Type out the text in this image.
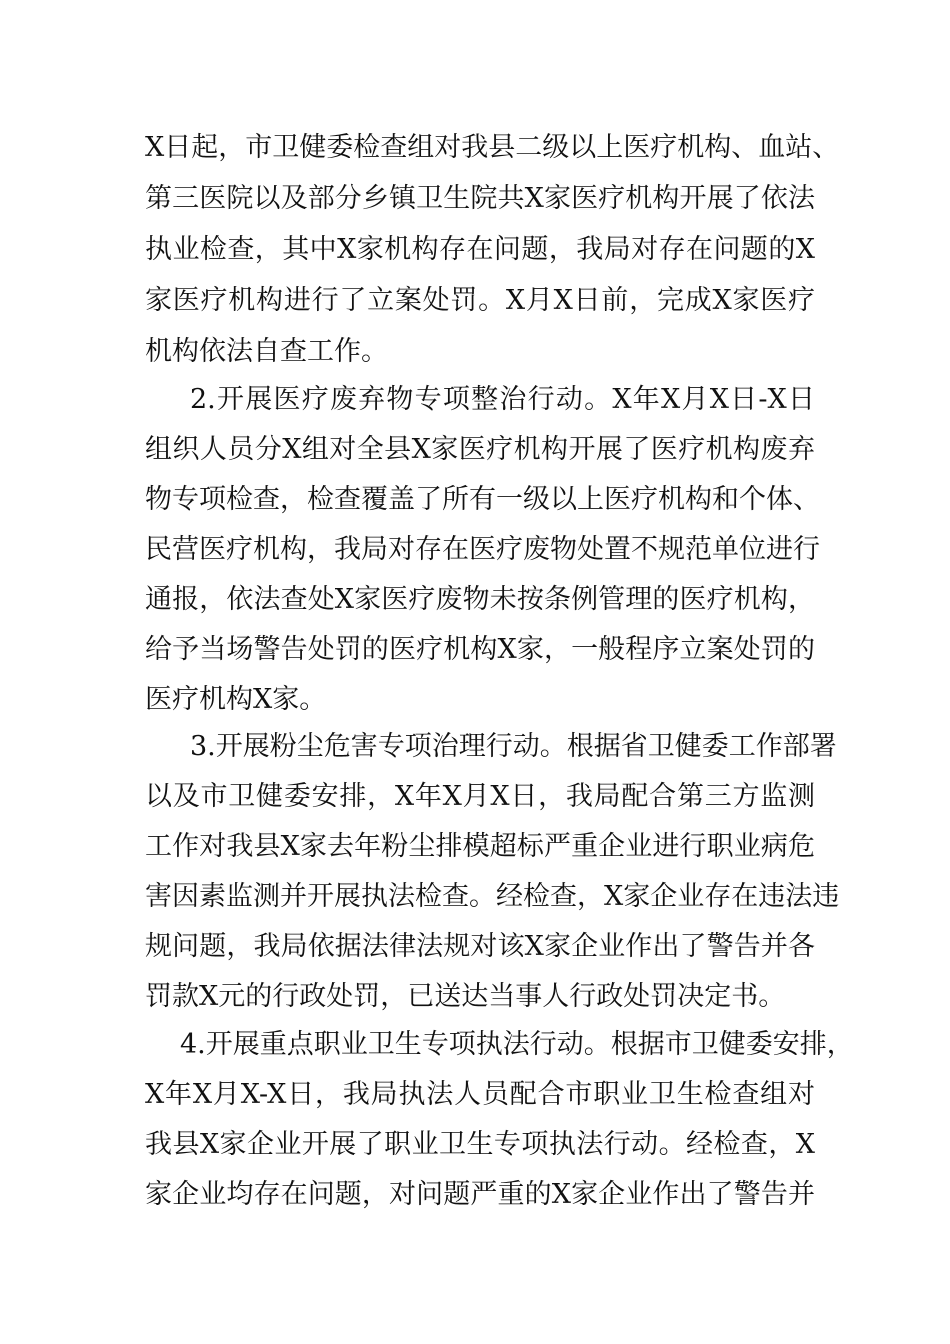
X日起，市卫健委检查组对我县二级以上医疗机构、血站、
第三医院以及部分乡镇卫生院共X家医疗机构开展了依法
执业检查，其中X家机构存在问题，我局对存在问题的X
家医疗机构进行了立案处罚。X月X日前，完成X家医疗
机构依法自查工作。
2.开展医疗废弃物专项整治行动。X年X月X日-X日
组织人员分X组对全县X家医疗机构开展了医疗机构废弃
物专项检查，检查覆盖了所有一级以上医疗机构和个体、
民营医疗机构，我局对存在医疗废物处置不规范单位进行
通报，依法查处X家医疗废物未按条例管理的医疗机构，
给予当场警告处罚的医疗机构X家，一般程序立案处罚的
医疗机构X家。
3.开展粉尘危害专项治理行动。根据省卫健委工作部署
以及市卫健委安排，X年X月X日，我局配合第三方监测
工作对我县X家去年粉尘排模超标严重企业进行职业病危
害因素监测并开展执法检查。经检查，X家企业存在违法违
规问题，我局依据法律法规对该X家企业作出了警告并各
罚款X元的行政处罚，已送达当事人行政处罚决定书。
4.开展重点职业卫生专项执法行动。根据市卫健委安排，
X年X月X-X日，我局执法人员配合市职业卫生检查组对
我县X家企业开展了职业卫生专项执法行动。经检查，X
家企业均存在问题，对问题严重的X家企业作出了警告并
